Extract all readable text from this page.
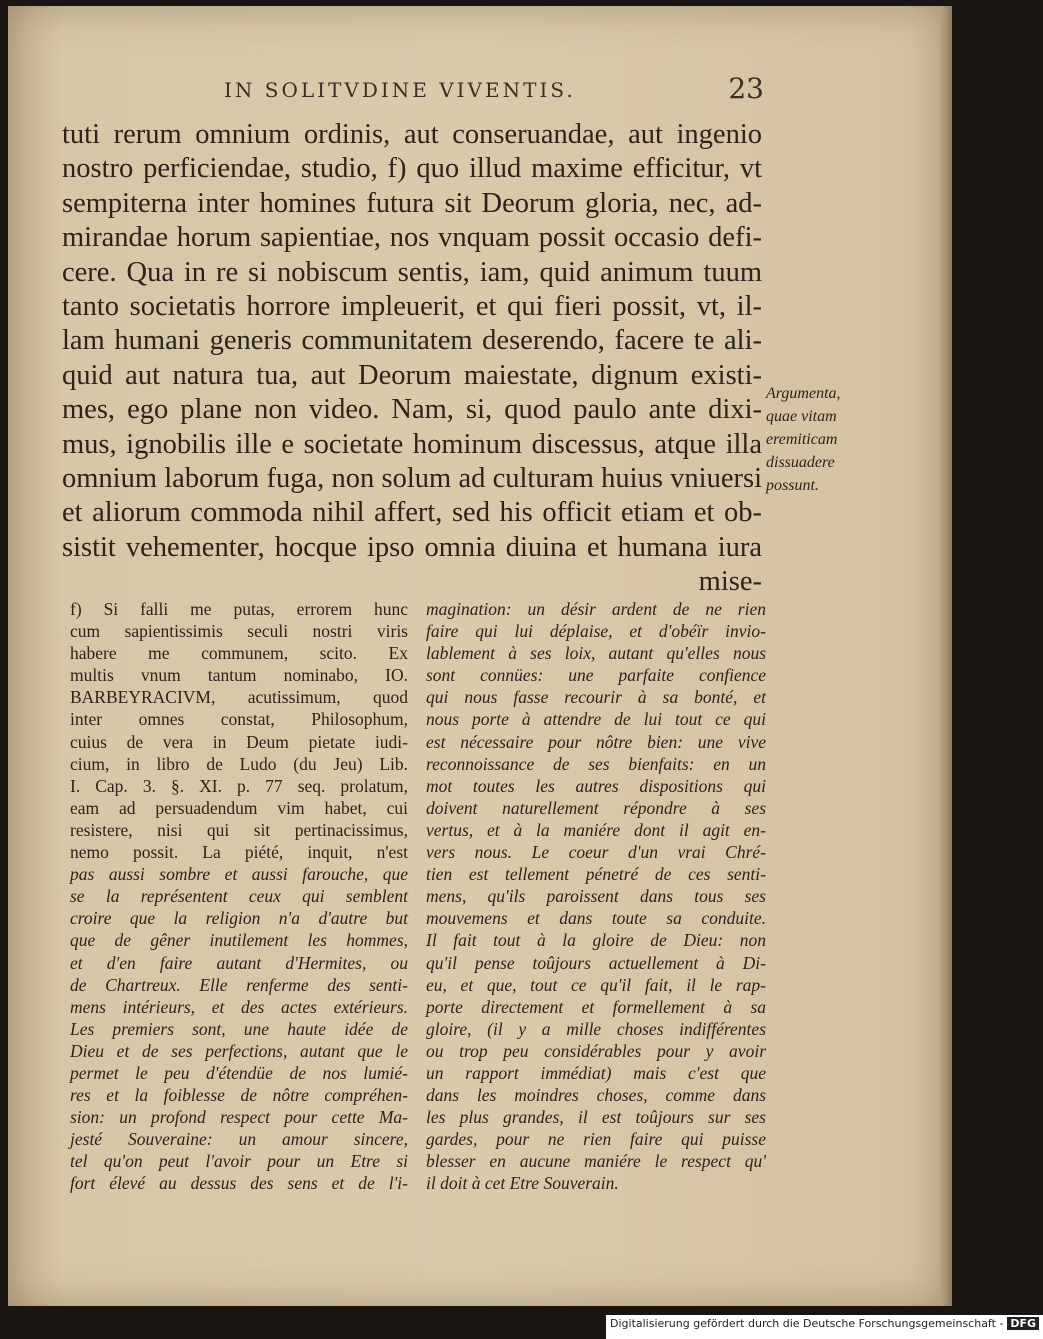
IN SOLITVDINE VIVENTIS.	23
tuti rerum omnium ordinis, aut conseruandae, aut ingenio
nostro perficiendae, studio, f) quo illud maxime efficitur, vt
sempiterna inter homines futura sit Deorum gloria, nec, ad-
mirandae horum sapientiae, nos vnquam possit occasio defi-
cere. Qua in re si nobiscum sentis, iam, quid animum tuum
tanto societatis horrore impleuerit, et qui fieri possit, vt, il-
lam humani generis communitatem deserendo, facere te ali-
quid aut natura tua, aut Deorum maiestate, dignum existi-
mes, ego plane non video. Nam, si, quod paulo ante dixi-
mus, ignobilis ille e societate hominum discessus, atque illa
omnium laborum fuga, non solum ad culturam huius vniuersi
et aliorum commoda nihil affert, sed his officit etiam et ob-
sistit vehementer, hocque ipso omnia diuina et humana iura
mise-
Argumenta,
quae vitam
eremiticam
dissuadere
possunt.
f) Si falli me putas, errorem hunc
cum sapientissimis seculi nostri viris
habere me communem, scito. Ex
multis vnum tantum nominabo, IO.
BARBEYRACIVM, acutissimum, quod
inter omnes constat, Philosophum,
cuius de vera in Deum pietate iudi-
cium, in libro de Ludo (du Jeu) Lib.
I. Cap. 3. §. XI. p. 77 seq. prolatum,
eam ad persuadendum vim habet, cui
resistere, nisi qui sit pertinacissimus,
nemo possit. La piété, inquit, n'est
pas aussi sombre et aussi farouche, que
se la représentent ceux qui semblent
croire que la religion n'a d'autre but
que de gêner inutilement les hommes,
et d'en faire autant d'Hermites, ou
de Chartreux. Elle renferme des senti-
mens intérieurs, et des actes extérieurs.
Les premiers sont, une haute idée de
Dieu et de ses perfections, autant que le
permet le peu d'étendüe de nos lumié-
res et la foiblesse de nôtre compréhen-
sion: un profond respect pour cette Ma-
jesté Souveraine: un amour sincere,
tel qu'on peut l'avoir pour un Etre si
fort élevé au dessus des sens et de l'i-
magination: un désir ardent de ne rien
faire qui lui déplaise, et d'obéïr invio-
lablement à ses loix, autant qu'elles nous
sont connües: une parfaite confience
qui nous fasse recourir à sa bonté, et
nous porte à attendre de lui tout ce qui
est nécessaire pour nôtre bien: une vive
reconnoissance de ses bienfaits: en un
mot toutes les autres dispositions qui
doivent naturellement répondre à ses
vertus, et à la maniére dont il agit en-
vers nous. Le coeur d'un vrai Chré-
tien est tellement pénetré de ces senti-
mens, qu'ils paroissent dans tous ses
mouvemens et dans toute sa conduite.
Il fait tout à la gloire de Dieu: non
qu'il pense toûjours actuellement à Di-
eu, et que, tout ce qu'il fait, il le rap-
porte directement et formellement à sa
gloire, (il y a mille choses indifférentes
ou trop peu considérables pour y avoir
un rapport immédiat) mais c'est que
dans les moindres choses, comme dans
les plus grandes, il est toûjours sur ses
gardes, pour ne rien faire qui puisse
blesser en aucune maniére le respect qu'
il doit à cet Etre Souverain.
Digitalisierung gefördert durch die Deutsche Forschungsgemeinschaft - DFG
